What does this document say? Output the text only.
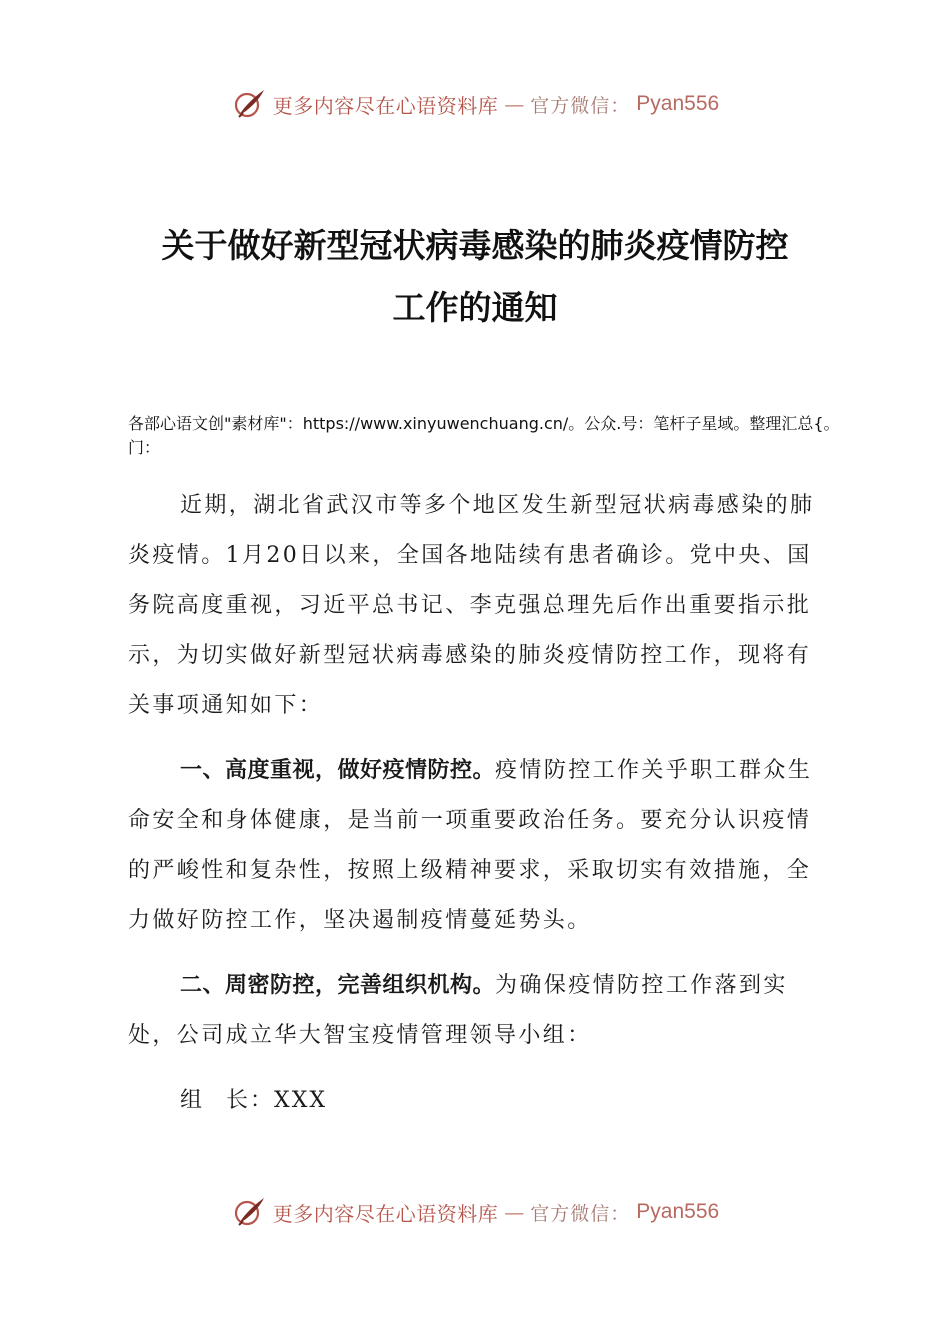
更多内容尽在心语资料库 — 官方微信： Pyan556
关于做好新型冠状病毒感染的肺炎疫情防控
工作的通知
各部心语文创"素材库"：https://www.xinyuwenchuang.cn/。公众.号：笔杆子星域。整理汇总{。门：

近期，湖北省武汉市等多个地区发生新型冠状病毒感染的肺炎疫情。1月20日以来，全国各地陆续有患者确诊。党中央、国务院高度重视，习近平总书记、李克强总理先后作出重要指示批示，为切实做好新型冠状病毒感染的肺炎疫情防控工作，现将有关事项通知如下：

一、高度重视，做好疫情防控。疫情防控工作关乎职工群众生命安全和身体健康，是当前一项重要政治任务。要充分认识疫情的严峻性和复杂性，按照上级精神要求，采取切实有效措施，全力做好防控工作，坚决遏制疫情蔓延势头。

二、周密防控，完善组织机构。为确保疫情防控工作落到实处，公司成立华大智宝疫情管理领导小组：

组 长：XXX
更多内容尽在心语资料库 — 官方微信： Pyan556
